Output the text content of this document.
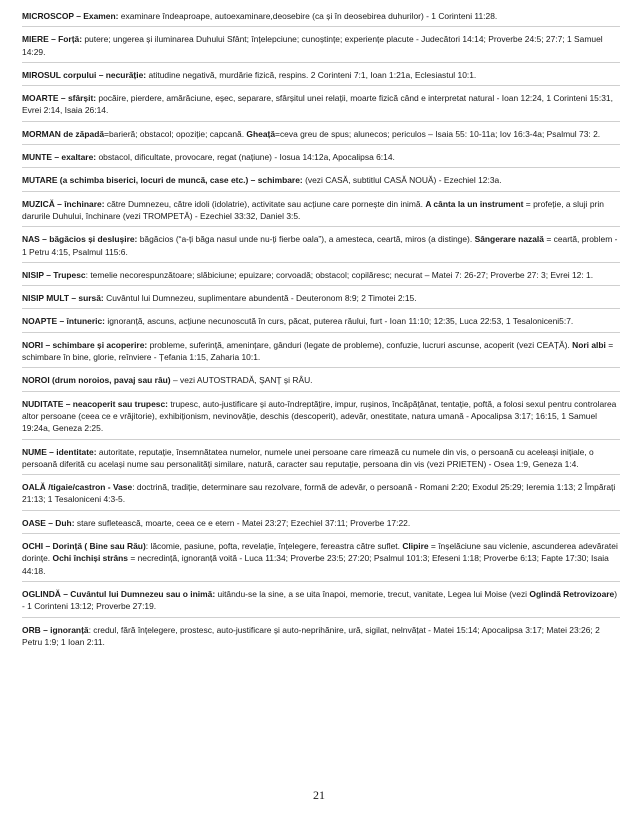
MICROSCOP – Examen: examinare îndeaproape, autoexaminare,deosebire (ca și în deosebirea duhurilor) - 1 Corinteni 11:28.
MIERE – Forță: putere; ungerea și iluminarea Duhului Sfânt; înțelepciune; cunoștințe; experiențe placute - Judecători 14:14; Proverbe 24:5; 27:7; 1 Samuel 14:29.
MIROSUL corpului – necurăție: atitudine negativă, murdărie fizică, respins. 2 Corinteni 7:1, Ioan 1:21a, Eclesiastul 10:1.
MOARTE – sfârșit: pocăire, pierdere, amărăciune, eșec, separare, sfârșitul unei relații, moarte fizică când e interpretat natural - Ioan 12:24, 1 Corinteni 15:31, Evrei 2:14, Isaia 26:14.
MORMAN de zăpadă=barieră; obstacol; opoziție; capcană. Gheață=ceva greu de spus; alunecos; periculos – Isaia 55: 10-11a; Iov 16:3-4a; Psalmul 73: 2.
MUNTE – exaltare: obstacol, dificultate, provocare, regat (națiune) - Iosua 14:12a, Apocalipsa 6:14.
MUTARE (a schimba biserici, locuri de muncă, case etc.) – schimbare: (vezi CASĂ, subtitlul CASĂ NOUĂ) - Ezechiel 12:3a.
MUZICĂ – închinare: către Dumnezeu, către idoli (idolatrie), activitate sau acțiune care pornește din inimă. A cânta la un instrument = profeție, a sluji prin darurile Duhului, închinare (vezi TROMPETĂ) - Ezechiel 33:32, Daniel 3:5.
NAS – băgăcios și desluşire: băgăcios (“a-ți băga nasul unde nu-ți fierbe oala”), a amesteca, ceartă, miros (a distinge). Sângerare nazală = ceartă, problem - 1 Petru 4:15, Psalmul 115:6.
NISIP – Trupesc: temelie necorespunzătoare; slăbiciune; epuizare; corvoadă; obstacol; copilăresc; necurat – Matei 7: 26-27; Proverbe 27: 3; Evrei 12: 1.
NISIP MULT – sursă: Cuvântul lui Dumnezeu, suplimentare abundentă - Deuteronom 8:9; 2 Timotei 2:15.
NOAPTE – întuneric: ignoranță, ascuns, acțiune necunoscută în curs, păcat, puterea răului, furt - Ioan 11:10; 12:35, Luca 22:53, 1 Tesaloniceni5:7.
NORI – schimbare și acoperire: probleme, suferință, amenințare, gânduri (legate de probleme), confuzie, lucruri ascunse, acoperit (vezi CEAȚĂ). Nori albi = schimbare în bine, glorie, reînviere - Țefania 1:15, Zaharia 10:1.
NOROI (drum noroios, pavaj sau râu) – vezi AUTOSTRADĂ, ȘANȚ și RÂU.
NUDITATE – neacoperit sau trupesc: trupesc, auto-justificare și auto-îndreptățire, impur, rușinos, încăpățânat, tentație, poftă, a folosi sexul pentru controlarea altor persoane (ceea ce e vrăjitorie), exhibiționism, nevinovăție, deschis (descoperit), adevăr, onestitate, natura umană - Apocalipsa 3:17; 16:15, 1 Samuel 19:24a, Geneza 2:25.
NUME – identitate: autoritate, reputație, însemnătatea numelor, numele unei persoane care rimează cu numele din vis, o persoană cu aceleași inițiale, o persoană diferită cu același nume sau personalități similare, natură, caracter sau reputație, persoana din vis (vezi PRIETEN) - Osea 1:9, Geneza 1:4.
OALĂ /tigaie/castron - Vase: doctrină, tradiție, determinare sau rezolvare, formă de adevăr, o persoană - Romani 2:20; Exodul 25:29; Ieremia 1:13; 2 Împărați 21:13; 1 Tesaloniceni 4:3-5.
OASE – Duh: stare sufletească, moarte, ceea ce e etern - Matei 23:27; Ezechiel 37:11; Proverbe 17:22.
OCHI – Dorință ( Bine sau Rău): lăcomie, pasiune, pofta, revelație, înțelegere, fereastra către suflet. Clipire = înșelăciune sau viclenie, ascunderea adevăratei dorințe. Ochi închiși strâns = necredință, ignoranță voită - Luca 11:34; Proverbe 23:5; 27:20; Psalmul 101:3; Efeseni 1:18; Proverbe 6:13; Fapte 17:30; Isaia 44:18.
OGLINDĂ – Cuvântul lui Dumnezeu sau o inimă: uitându-se la sine, a se uita înapoi, memorie, trecut, vanitate, Legea lui Moise (vezi Oglindă Retrovizoare) - 1 Corinteni 13:12; Proverbe 27:19.
ORB – ignoranță: credul, fără înțelegere, prostesc, auto-justificare și auto-neprihănire, ură, sigilat, nelnvățat - Matei 15:14; Apocalipsa 3:17; Matei 23:26; 2 Petru 1:9; 1 Ioan 2:11.
21
